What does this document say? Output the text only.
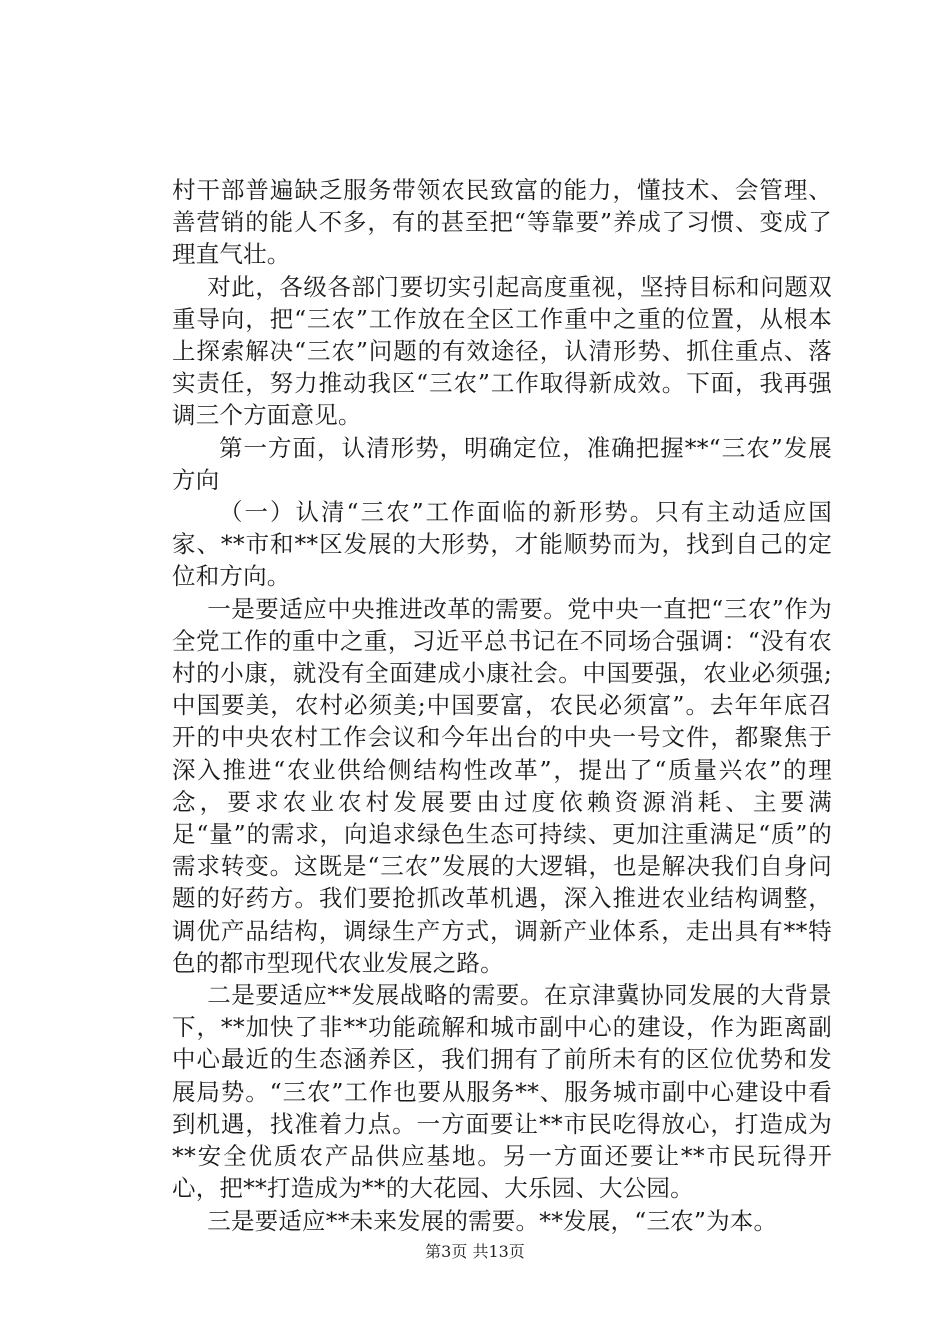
村干部普遍缺乏服务带领农民致富的能力，懂技术、会管理、善营销的能人不多，有的甚至把“等靠要”养成了习惯、变成了理直气壮。

对此，各级各部门要切实引起高度重视，坚持目标和问题双重导向，把“三农”工作放在全区工作重中之重的位置，从根本上探索解决“三农”问题的有效途径，认清形势、抓住重点、落实责任，努力推动我区“三农”工作取得新成效。下面，我再强调三个方面意见。

第一方面，认清形势，明确定位，准确把握**“三农”发展方向

（一）认清“三农”工作面临的新形势。只有主动适应国家、**市和**区发展的大形势，才能顺势而为，找到自己的定位和方向。

一是要适应中央推进改革的需要。党中央一直把“三农”作为全党工作的重中之重，习近平总书记在不同场合强调：“没有农村的小康，就没有全面建成小康社会。中国要强，农业必须强;中国要美，农村必须美;中国要富，农民必须富”。去年年底召开的中央农村工作会议和今年出台的中央一号文件，都聚焦于深入推进“农业供给侧结构性改革”，提出了“质量兴农”的理念，要求农业农村发展要由过度依赖资源消耗、主要满足“量”的需求，向追求绿色生态可持续、更加注重满足“质”的需求转变。这既是“三农”发展的大逻辑，也是解决我们自身问题的好药方。我们要抢抓改革机遇，深入推进农业结构调整，调优产品结构，调绿生产方式，调新产业体系，走出具有**特色的都市型现代农业发展之路。

二是要适应**发展战略的需要。在京津冀协同发展的大背景下，**加快了非**功能疏解和城市副中心的建设，作为距离副中心最近的生态涵养区，我们拥有了前所未有的区位优势和发展局势。“三农”工作也要从服务**、服务城市副中心建设中看到机遇，找准着力点。一方面要让**市民吃得放心，打造成为**安全优质农产品供应基地。另一方面还要让**市民玩得开心，把**打造成为**的大花园、大乐园、大公园。

三是要适应**未来发展的需要。**发展，“三农”为本。

第3页 共13页
